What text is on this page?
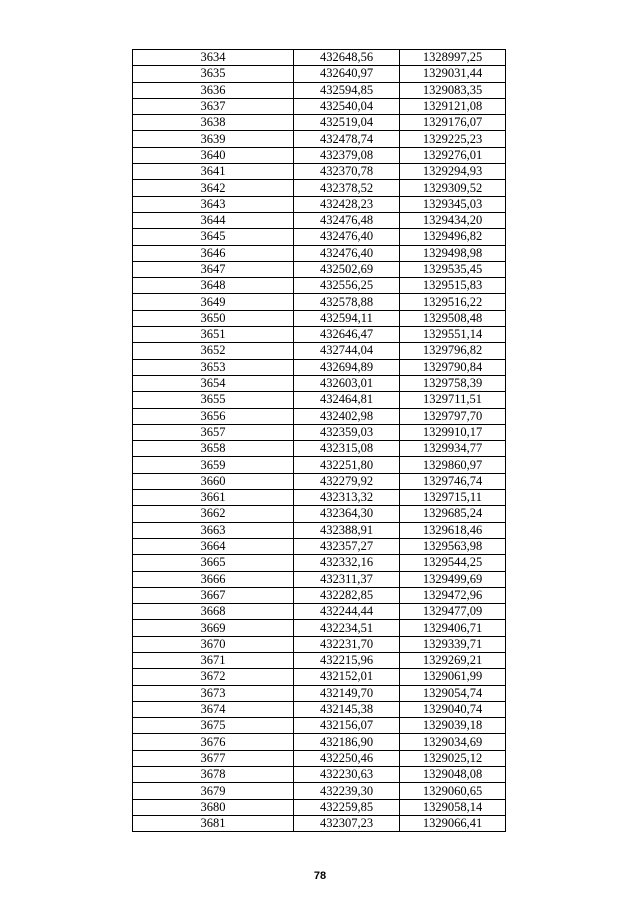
3634	432648,56	1328997,25
3635	432640,97	1329031,44
3636	432594,85	1329083,35
3637	432540,04	1329121,08
3638	432519,04	1329176,07
3639	432478,74	1329225,23
3640	432379,08	1329276,01
3641	432370,78	1329294,93
3642	432378,52	1329309,52
3643	432428,23	1329345,03
3644	432476,48	1329434,20
3645	432476,40	1329496,82
3646	432476,40	1329498,98
3647	432502,69	1329535,45
3648	432556,25	1329515,83
3649	432578,88	1329516,22
3650	432594,11	1329508,48
3651	432646,47	1329551,14
3652	432744,04	1329796,82
3653	432694,89	1329790,84
3654	432603,01	1329758,39
3655	432464,81	1329711,51
3656	432402,98	1329797,70
3657	432359,03	1329910,17
3658	432315,08	1329934,77
3659	432251,80	1329860,97
3660	432279,92	1329746,74
3661	432313,32	1329715,11
3662	432364,30	1329685,24
3663	432388,91	1329618,46
3664	432357,27	1329563,98
3665	432332,16	1329544,25
3666	432311,37	1329499,69
3667	432282,85	1329472,96
3668	432244,44	1329477,09
3669	432234,51	1329406,71
3670	432231,70	1329339,71
3671	432215,96	1329269,21
3672	432152,01	1329061,99
3673	432149,70	1329054,74
3674	432145,38	1329040,74
3675	432156,07	1329039,18
3676	432186,90	1329034,69
3677	432250,46	1329025,12
3678	432230,63	1329048,08
3679	432239,30	1329060,65
3680	432259,85	1329058,14
3681	432307,23	1329066,41
78
